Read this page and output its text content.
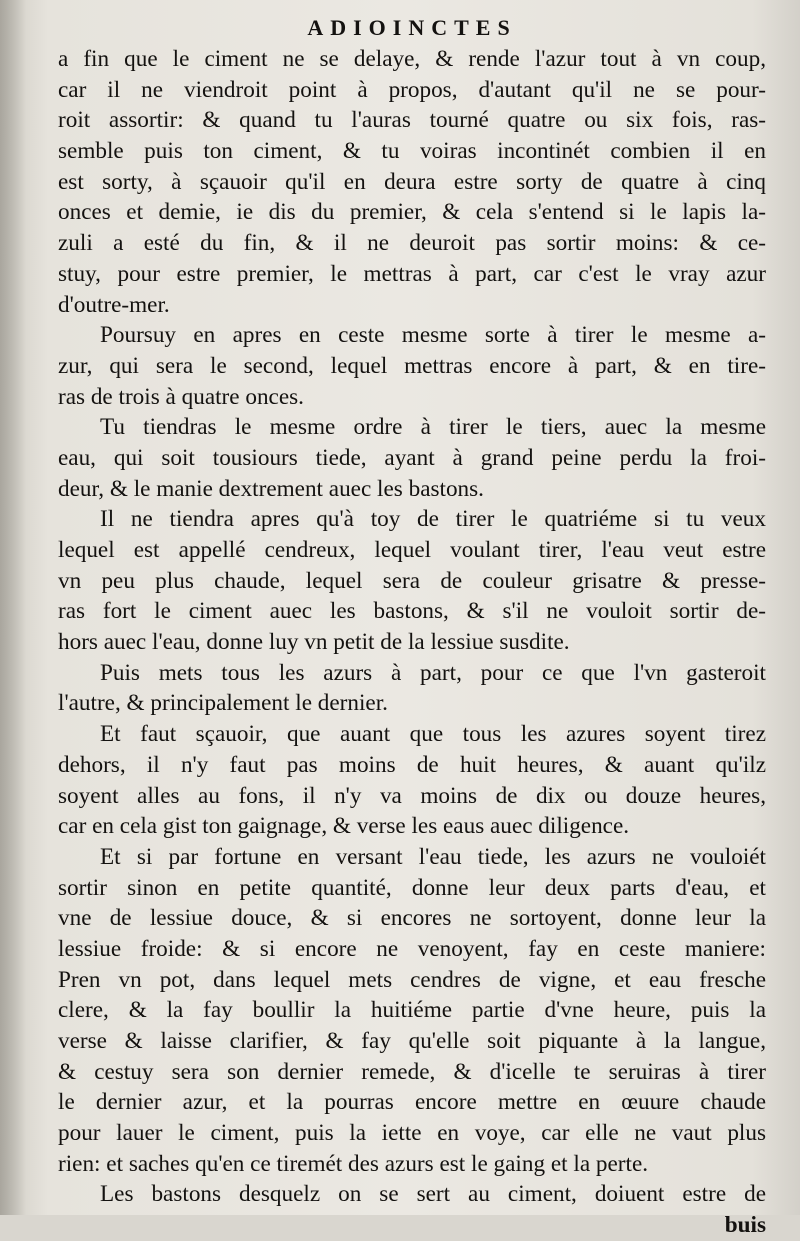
ADIOINCTES
a fin que le ciment ne se delaye, & rende l'azur tout à vn coup,
car il ne viendroit point à propos, d'autant qu'il ne se pour-
roit assortir: & quand tu l'auras tourné quatre ou six fois, ras-
semble puis ton ciment, & tu voiras incontinét combien il en
est sorty, à sçauoir qu'il en deura estre sorty de quatre à cinq
onces et demie, ie dis du premier, & cela s'entend si le lapis la-
zuli a esté du fin, & il ne deuroit pas sortir moins: & ce-
stuy, pour estre premier, le mettras à part, car c'est le vray azur
d'outre-mer.
Poursuy en apres en ceste mesme sorte à tirer le mesme a-
zur, qui sera le second, lequel mettras encore à part, & en tire-
ras de trois à quatre onces.
Tu tiendras le mesme ordre à tirer le tiers, auec la mesme
eau, qui soit tousiours tiede, ayant à grand peine perdu la froi-
deur, & le manie dextrement auec les bastons.
Il ne tiendra apres qu'à toy de tirer le quatriéme si tu veux
lequel est appellé cendreux, lequel voulant tirer, l'eau veut estre
vn peu plus chaude, lequel sera de couleur grisatre & presse-
ras fort le ciment auec les bastons, & s'il ne vouloit sortir de-
hors auec l'eau, donne luy vn petit de la lessiue susdite.
Puis mets tous les azurs à part, pour ce que l'vn gasteroit
l'autre, & principalement le dernier.
Et faut sçauoir, que auant que tous les azures soyent tirez
dehors, il n'y faut pas moins de huit heures, & auant qu'ilz
soyent alles au fons, il n'y va moins de dix ou douze heures,
car en cela gist ton gaignage, & verse les eaus auec diligence.
Et si par fortune en versant l'eau tiede, les azurs ne vouloiét
sortir sinon en petite quantité, donne leur deux parts d'eau, et
vne de lessiue douce, & si encores ne sortoyent, donne leur la
lessiue froide: & si encore ne venoyent, fay en ceste maniere:
Pren vn pot, dans lequel mets cendres de vigne, et eau fresche
clere, & la fay boullir la huitiéme partie d'vne heure, puis la
verse & laisse clarifier, & fay qu'elle soit piquante à la langue,
& cestuy sera son dernier remede, & d'icelle te seruiras à tirer
le dernier azur, et la pourras encore mettre en œuure chaude
pour lauer le ciment, puis la iette en voye, car elle ne vaut plus
rien: et saches qu'en ce tiremét des azurs est le gaing et la perte.
Les bastons desquelz on se sert au ciment, doiuent estre de
buis
